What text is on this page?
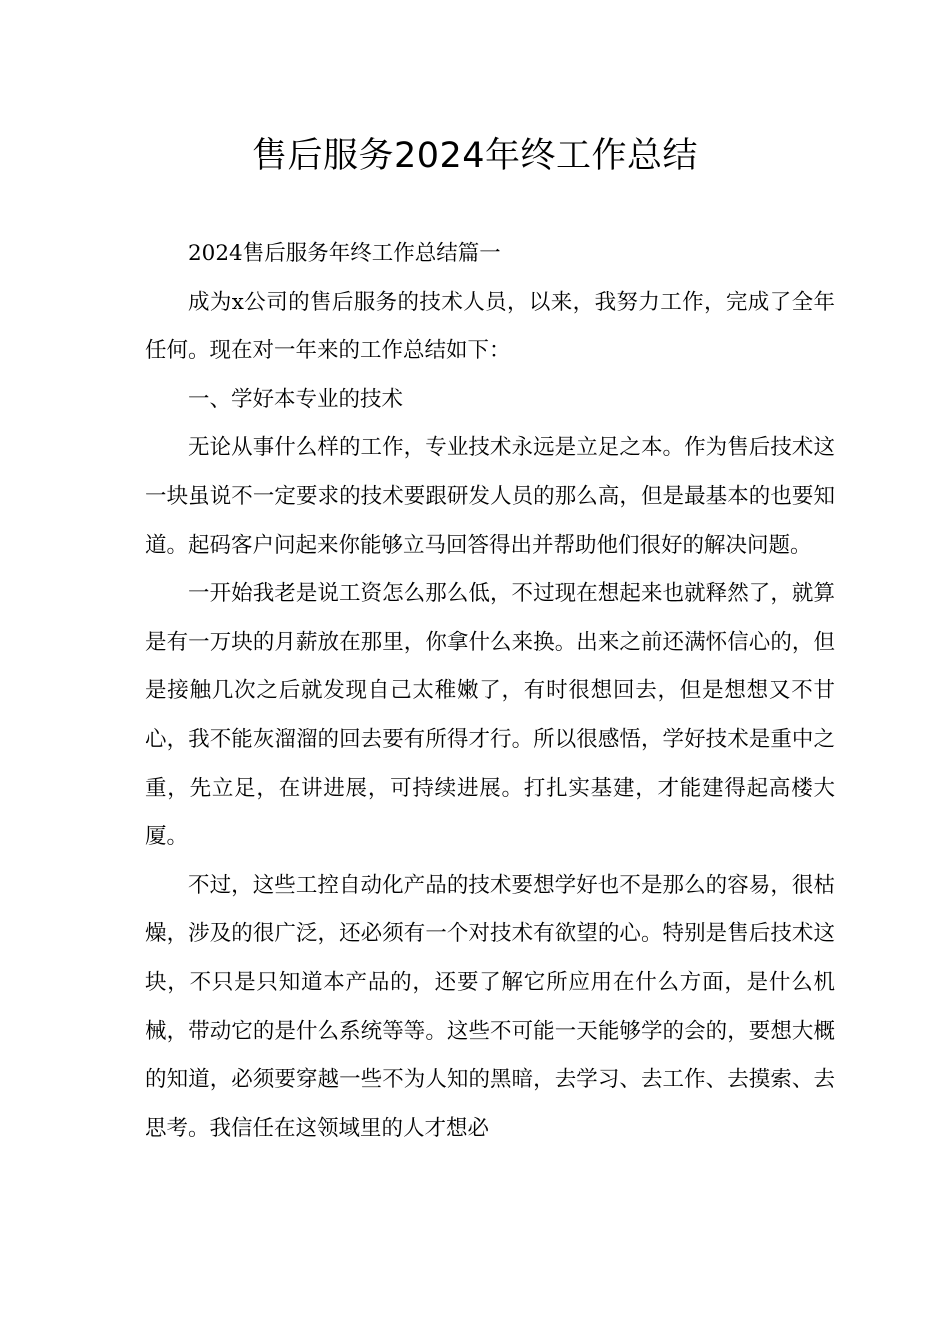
售后服务2024年终工作总结

2024售后服务年终工作总结篇一

成为x公司的售后服务的技术人员，以来，我努力工作，完成了全年任何。现在对一年来的工作总结如下：

一、学好本专业的技术

无论从事什么样的工作，专业技术永远是立足之本。作为售后技术这一块虽说不一定要求的技术要跟研发人员的那么高，但是最基本的也要知道。起码客户问起来你能够立马回答得出并帮助他们很好的解决问题。

一开始我老是说工资怎么那么低，不过现在想起来也就释然了，就算是有一万块的月薪放在那里，你拿什么来换。出来之前还满怀信心的，但是接触几次之后就发现自己太稚嫩了，有时很想回去，但是想想又不甘心，我不能灰溜溜的回去要有所得才行。所以很感悟，学好技术是重中之重，先立足，在讲进展，可持续进展。打扎实基建，才能建得起高楼大厦。

不过，这些工控自动化产品的技术要想学好也不是那么的容易，很枯燥，涉及的很广泛，还必须有一个对技术有欲望的心。特别是售后技术这块，不只是只知道本产品的，还要了解它所应用在什么方面，是什么机械，带动它的是什么系统等等。这些不可能一天能够学的会的，要想大概的知道，必须要穿越一些不为人知的黑暗，去学习、去工作、去摸索、去思考。我信任在这领域里的人才想必
